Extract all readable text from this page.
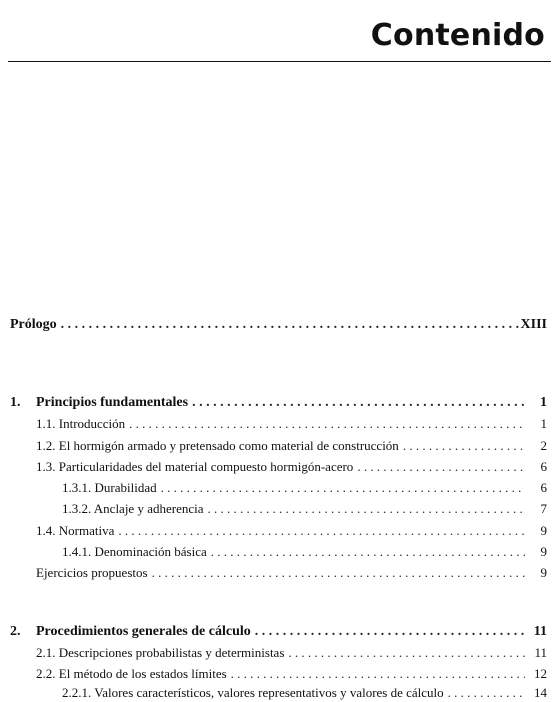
Contenido
Prólogo . . .	XIII
1.	Principios fundamentales . . .	1
1.1. Introducción . . .	1
1.2. El hormigón armado y pretensado como material de construcción . . .	2
1.3. Particularidades del material compuesto hormigón-acero . . .	6
1.3.1. Durabilidad . . .	6
1.3.2. Anclaje y adherencia . . .	7
1.4. Normativa . . .	9
1.4.1. Denominación básica . . .	9
Ejercicios propuestos . . .	9
2.	Procedimientos generales de cálculo . . .	11
2.1. Descripciones probabilistas y deterministas . . .	11
2.2. El método de los estados límites . . .	12
2.2.1. Valores característicos, valores representativos y valores de cálculo . . .	14
